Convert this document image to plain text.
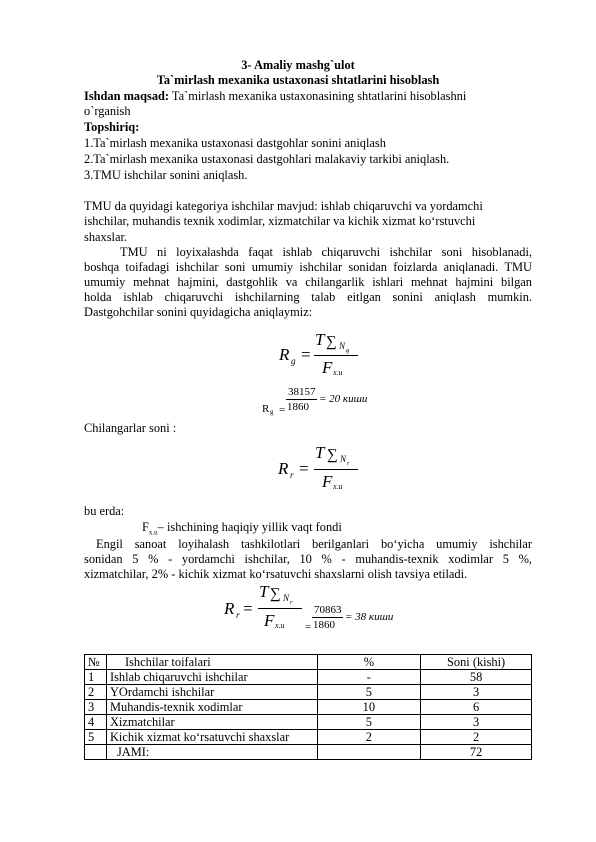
3- Amaliy mashg`ulot
Ta`mirlash mexanika ustaxonasi shtatlarini hisoblash
Ishdan maqsad: Ta`mirlash mexanika ustaxonasining shtatlarini hisoblashni
o`rganish
Topshiriq:
1.Ta`mirlash mexanika ustaxonasi dastgohlar sonini aniqlash
2.Ta`mirlash mexanika ustaxonasi dastgohlari malakaviy tarkibi aniqlash.
3.TMU ishchilar sonini aniqlash.
TMU da quyidagi kategoriya ishchilar mavjud: ishlab chiqaruvchi va yordamchi
ishchilar, muhandis texnik xodimlar, xizmatchilar va kichik xizmat ko‘rstuvchi
shaxslar.
TMU ni loyixalashda faqat ishlab chiqaruvchi ishchilar soni hisoblanadi,
boshqa toifadagi ishchilar soni umumiy ishchilar sonidan foizlarda aniqlanadi. TMU
umumiy mehnat hajmini, dastgohlik va chilangarlik ishlari mehnat hajmini bilgan
holda ishlab chiqaruvchi ishchilarning talab eitlgan sonini aniqlash mumkin.
Dastgohchilar sonini quyidagicha aniqlaymiz:
R g =
T ∑ N g
F x.u
R g =
38157
1860
= 20 киши
Chilangarlar soni :
R r =
T ∑ N r
F x.u
bu erda:
$F_{x.u}-$ ishchining haqiqiy yillik vaqt fondi
Engil sanoat loyihalash tashkilotlari berilganlari bo‘yicha umumiy ishchilar
sonidan 5 % - yordamchi ishchilar, 10 % - muhandis-texnik xodimlar 5 %,
xizmatchilar, 2% - kichik xizmat ko‘rsatuvchi shaxslarni olish tavsiya etiladi.
R r =
T ∑ N r
F x.u =
70863
1860
= 38 киши
№	Ishchilar toifalari	%	Soni (kishi)
1	Ishlab chiqaruvchi ishchilar	-	58
2	YOrdamchi ishchilar	5	3
3	Muhandis-texnik xodimlar	10	6
4	Xizmatchilar	5	3
5	Kichik xizmat ko‘rsatuvchi shaxslar	2	2
	JAMI:		72
